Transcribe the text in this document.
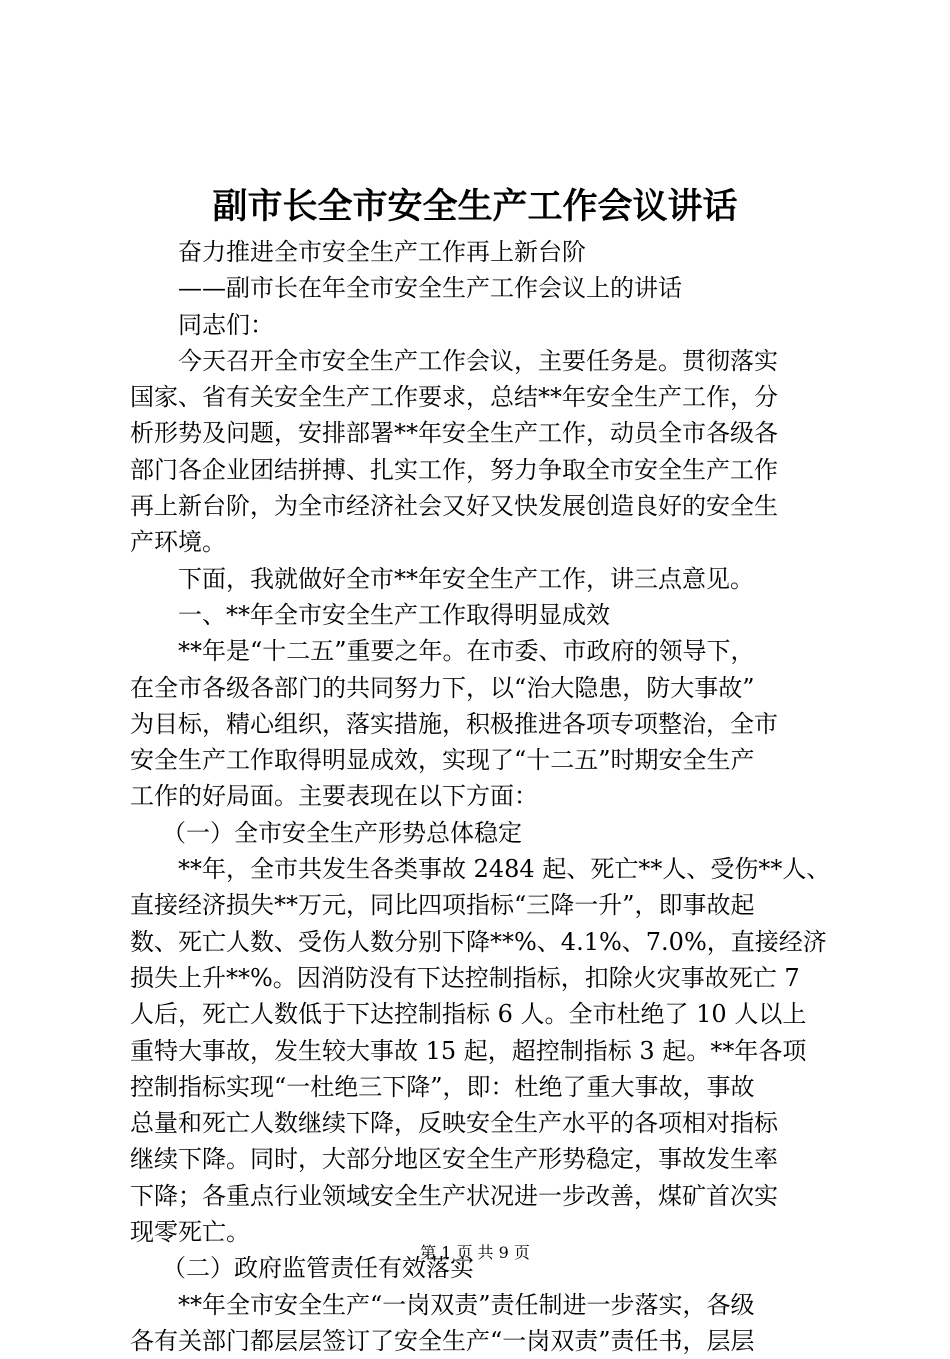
副市长全市安全生产工作会议讲话
奋力推进全市安全生产工作再上新台阶
——副市长在年全市安全生产工作会议上的讲话
同志们：
今天召开全市安全生产工作会议，主要任务是。贯彻落实
国家、省有关安全生产工作要求，总结**年安全生产工作，分
析形势及问题，安排部署**年安全生产工作，动员全市各级各
部门各企业团结拼搏、扎实工作，努力争取全市安全生产工作
再上新台阶，为全市经济社会又好又快发展创造良好的安全生
产环境。
下面，我就做好全市**年安全生产工作，讲三点意见。
一、**年全市安全生产工作取得明显成效
**年是“十二五”重要之年。在市委、市政府的领导下，
在全市各级各部门的共同努力下，以“治大隐患，防大事故”
为目标，精心组织，落实措施，积极推进各项专项整治，全市
安全生产工作取得明显成效，实现了“十二五”时期安全生产
工作的好局面。主要表现在以下方面：
（一）全市安全生产形势总体稳定
**年，全市共发生各类事故 2484 起、死亡**人、受伤**人、
直接经济损失**万元，同比四项指标“三降一升”，即事故起
数、死亡人数、受伤人数分别下降**%、4.1%、7.0%，直接经济
损失上升**%。因消防没有下达控制指标，扣除火灾事故死亡 7
人后，死亡人数低于下达控制指标 6 人。全市杜绝了 10 人以上
重特大事故，发生较大事故 15 起，超控制指标 3 起。**年各项
控制指标实现“一杜绝三下降”，即：杜绝了重大事故，事故
总量和死亡人数继续下降，反映安全生产水平的各项相对指标
继续下降。同时，大部分地区安全生产形势稳定，事故发生率
下降；各重点行业领域安全生产状况进一步改善，煤矿首次实
现零死亡。
（二）政府监管责任有效落实
**年全市安全生产“一岗双责”责任制进一步落实，各级
各有关部门都层层签订了安全生产“一岗双责”责任书，层层
第 1 页 共 9 页
